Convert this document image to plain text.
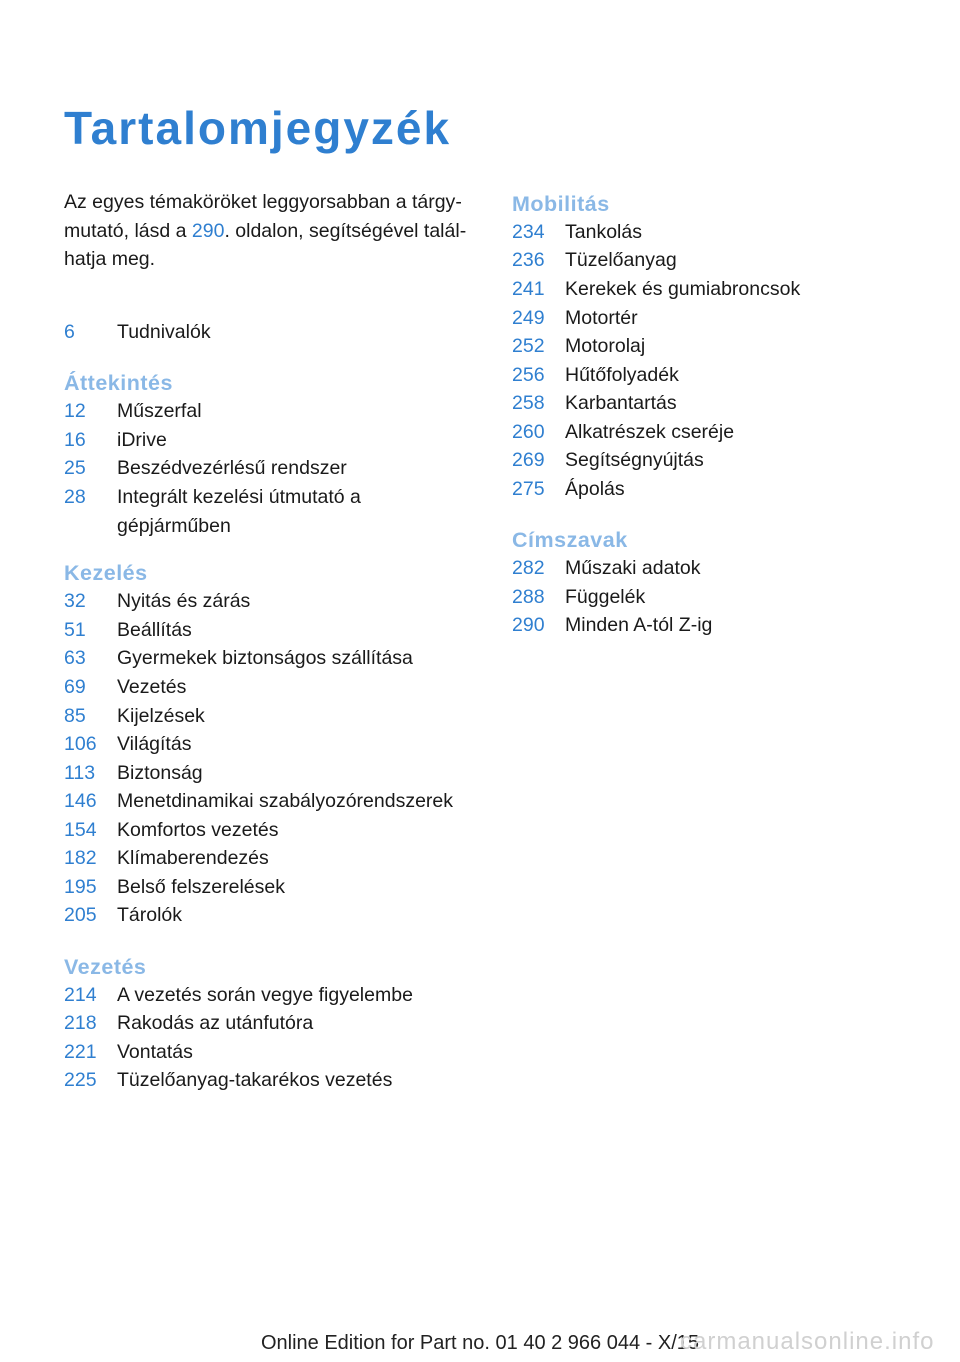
Tartalomjegyzék
Az egyes témaköröket leggyorsabban a tárgymutató, lásd a 290. oldalon, segítségével találhatja meg.
6 Tudnivalók
Áttekintés
12 Műszerfal
16 iDrive
25 Beszédvezérlésű rendszer
28 Integrált kezelési útmutató a gépjárműben
Kezelés
32 Nyitás és zárás
51 Beállítás
63 Gyermekek biztonságos szállítása
69 Vezetés
85 Kijelzések
106 Világítás
113 Biztonság
146 Menetdinamikai szabályozórendszerek
154 Komfortos vezetés
182 Klímaberendezés
195 Belső felszerelések
205 Tárolók
Vezetés
214 A vezetés során vegye figyelembe
218 Rakodás az utánfutóra
221 Vontatás
225 Tüzelőanyag-takarékos vezetés
Mobilitás
234 Tankolás
236 Tüzelőanyag
241 Kerekek és gumiabroncsok
249 Motortér
252 Motorolaj
256 Hűtőfolyadék
258 Karbantartás
260 Alkatrészek cseréje
269 Segítségnyújtás
275 Ápolás
Címszavak
282 Műszaki adatok
288 Függelék
290 Minden A-tól Z-ig
Online Edition for Part no. 01 40 2 966 044 - X/15
carmanualsonline.info
